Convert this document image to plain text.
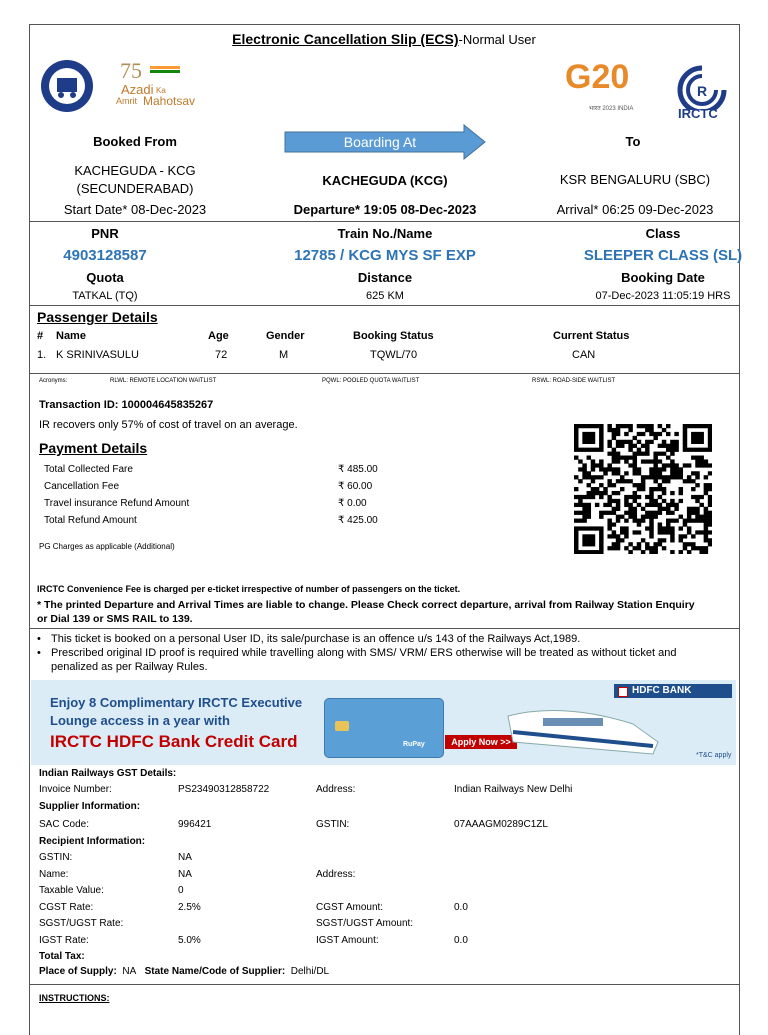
Electronic Cancellation Slip (ECS)-Normal User
75
Azadi Ka
Amrit Mahotsav
G20
भारत 2023 INDIA
R
IRCTC
Booked From	Boarding At	To
KACHEGUDA - KCG
(SECUNDERABAD)
KACHEGUDA (KCG)	KSR BENGALURU (SBC)
Start Date* 08-Dec-2023	Departure* 19:05 08-Dec-2023	Arrival* 06:25 09-Dec-2023
PNR	Train No./Name	Class
4903128587	12785 / KCG MYS SF EXP	SLEEPER CLASS (SL)
Quota	Distance	Booking Date
TATKAL (TQ)	625 KM	07-Dec-2023 11:05:19 HRS
Passenger Details
# Name	Age	Gender	Booking Status	Current Status
1. K SRINIVASULU	72	M	TQWL/70	CAN
Acronyms:	RLWL: REMOTE LOCATION WAITLIST	PQWL: POOLED QUOTA WAITLIST	RSWL: ROAD-SIDE WAITLIST
Transaction ID: 100004645835267
IR recovers only 57% of cost of travel on an average.
Payment Details
Total Collected Fare	₹ 485.00
Cancellation Fee	₹ 60.00
Travel insurance Refund Amount	₹ 0.00
Total Refund Amount	₹ 425.00
PG Charges as applicable (Additional)
IRCTC Convenience Fee is charged per e-ticket irrespective of number of passengers on the ticket.
* The printed Departure and Arrival Times are liable to change. Please Check correct departure, arrival from Railway Station Enquiry
or Dial 139 or SMS RAIL to 139.
• This ticket is booked on a personal User ID, its sale/purchase is an offence u/s 143 of the Railways Act,1989.
• Prescribed original ID proof is required while travelling along with SMS/ VRM/ ERS otherwise will be treated as without ticket and
penalized as per Railway Rules.
Enjoy 8 Complimentary IRCTC Executive
Lounge access in a year with
IRCTC HDFC Bank Credit Card	RuPay	Apply Now >>
HDFC BANK
*T&C apply
Indian Railways GST Details:
Invoice Number:	PS23490312858722	Address:	Indian Railways New Delhi
Supplier Information:
SAC Code:	996421	GSTIN:	07AAAGM0289C1ZL
Recipient Information:
GSTIN:	NA
Name:	NA	Address:
Taxable Value:	0
CGST Rate:	2.5%	CGST Amount:	0.0
SGST/UGST Rate:	SGST/UGST Amount:
IGST Rate:	5.0%	IGST Amount:	0.0
Total Tax:
Place of Supply: NA State Name/Code of Supplier: Delhi/DL
INSTRUCTIONS:
